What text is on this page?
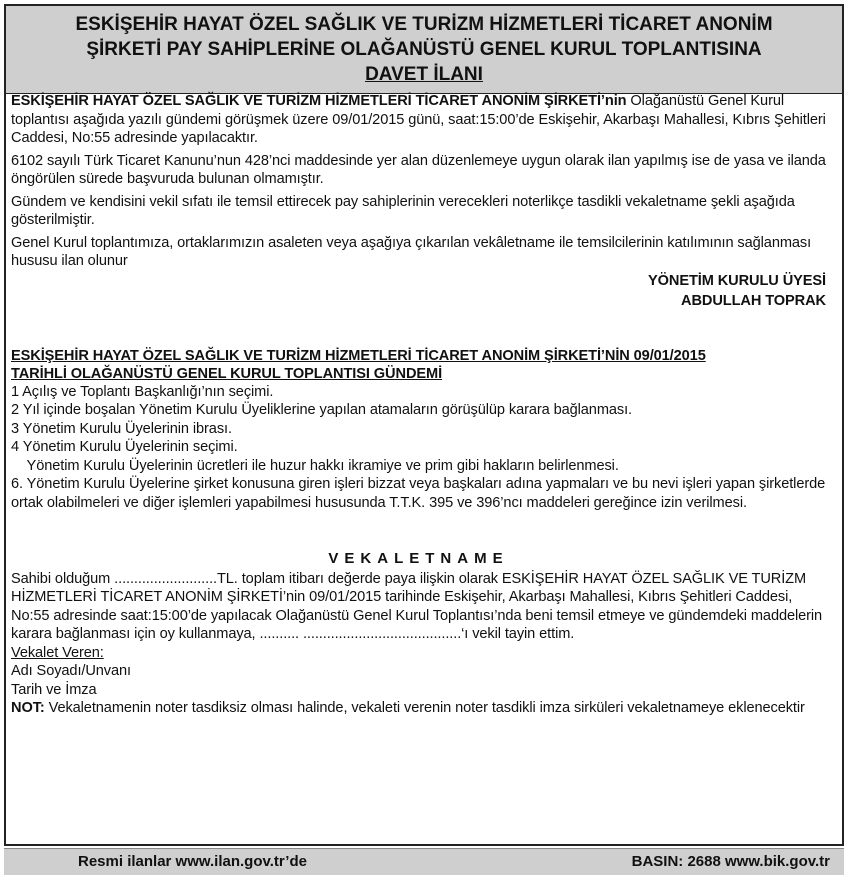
ESKİŞEHİR HAYAT ÖZEL SAĞLIK VE TURİZM HİZMETLERİ TİCARET ANONİM
ŞİRKETİ PAY SAHİPLERİNE OLAĞANÜSTÜ GENEL KURUL TOPLANTISINA
DAVET İLANI

ESKİŞEHİR HAYAT ÖZEL SAĞLIK VE TURİZM HİZMETLERİ TİCARET ANONİM ŞİRKETİ’nin Olağanüstü Genel Kurul toplantısı aşağıda yazılı gündemi görüşmek üzere 09/01/2015 günü, saat:15:00’de Eskişehir, Akarbaşı Mahallesi, Kıbrıs Şehitleri Caddesi, No:55 adresinde yapılacaktır.

6102 sayılı Türk Ticaret Kanunu’nun 428’nci maddesinde yer alan düzenlemeye uygun olarak ilan yapılmış ise de yasa ve ilanda öngörülen sürede başvuruda bulunan olmamıştır.

Gündem ve kendisini vekil sıfatı ile temsil ettirecek pay sahiplerinin verecekleri noterlikçe tasdikli vekaletname şekli aşağıda gösterilmiştir.

Genel Kurul toplantımıza, ortaklarımızın asaleten veya aşağıya çıkarılan vekâletname ile temsilcilerinin katılımının sağlanması hususu ilan olunur

YÖNETİM KURULU ÜYESİ
ABDULLAH TOPRAK
ESKİŞEHİR HAYAT ÖZEL SAĞLIK VE TURİZM HİZMETLERİ TİCARET ANONİM ŞİRKETİ’NİN 09/01/2015
TARİHLİ OLAĞANÜSTÜ GENEL KURUL TOPLANTISI GÜNDEMİ
1 Açılış ve Toplantı Başkanlığı’nın seçimi.
2 Yıl içinde boşalan Yönetim Kurulu Üyeliklerine yapılan atamaların görüşülüp karara bağlanması.
3 Yönetim Kurulu Üyelerinin ibrası.
4 Yönetim Kurulu Üyelerinin seçimi.
Yönetim Kurulu Üyelerinin ücretleri ile huzur hakkı ikramiye ve prim gibi hakların belirlenmesi.
6. Yönetim Kurulu Üyelerine şirket konusuna giren işleri bizzat veya başkaları adına yapmaları ve bu nevi işleri yapan şirketlerde ortak olabilmeleri ve diğer işlemleri yapabilmesi hususunda T.T.K. 395 ve 396’ncı maddeleri gereğince izin verilmesi.
VEKALETNAME
Sahibi olduğum ..........................TL. toplam itibarı değerde paya ilişkin olarak ESKİŞEHİR HAYAT ÖZEL SAĞLIK VE TURİZM HİZMETLERİ TİCARET ANONİM ŞİRKETİ’nin 09/01/2015 tarihinde Eskişehir, Akarbaşı Mahallesi, Kıbrıs Şehitleri Caddesi, No:55 adresinde saat:15:00’de yapılacak Olağanüstü Genel Kurul Toplantısı’nda beni temsil etmeye ve gündemdeki maddelerin karara bağlanması için oy kullanmaya, .......... ........................................‘ı vekil tayin ettim.
Vekalet Veren:
Adı Soyadı/Unvanı
Tarih ve İmza
NOT: Vekaletnamenin noter tasdiksiz olması halinde, vekaleti verenin noter tasdikli imza sirküleri vekaletnameye eklenecektir
Resmi ilanlar www.ilan.gov.tr’de	BASIN: 2688 www.bik.gov.tr
